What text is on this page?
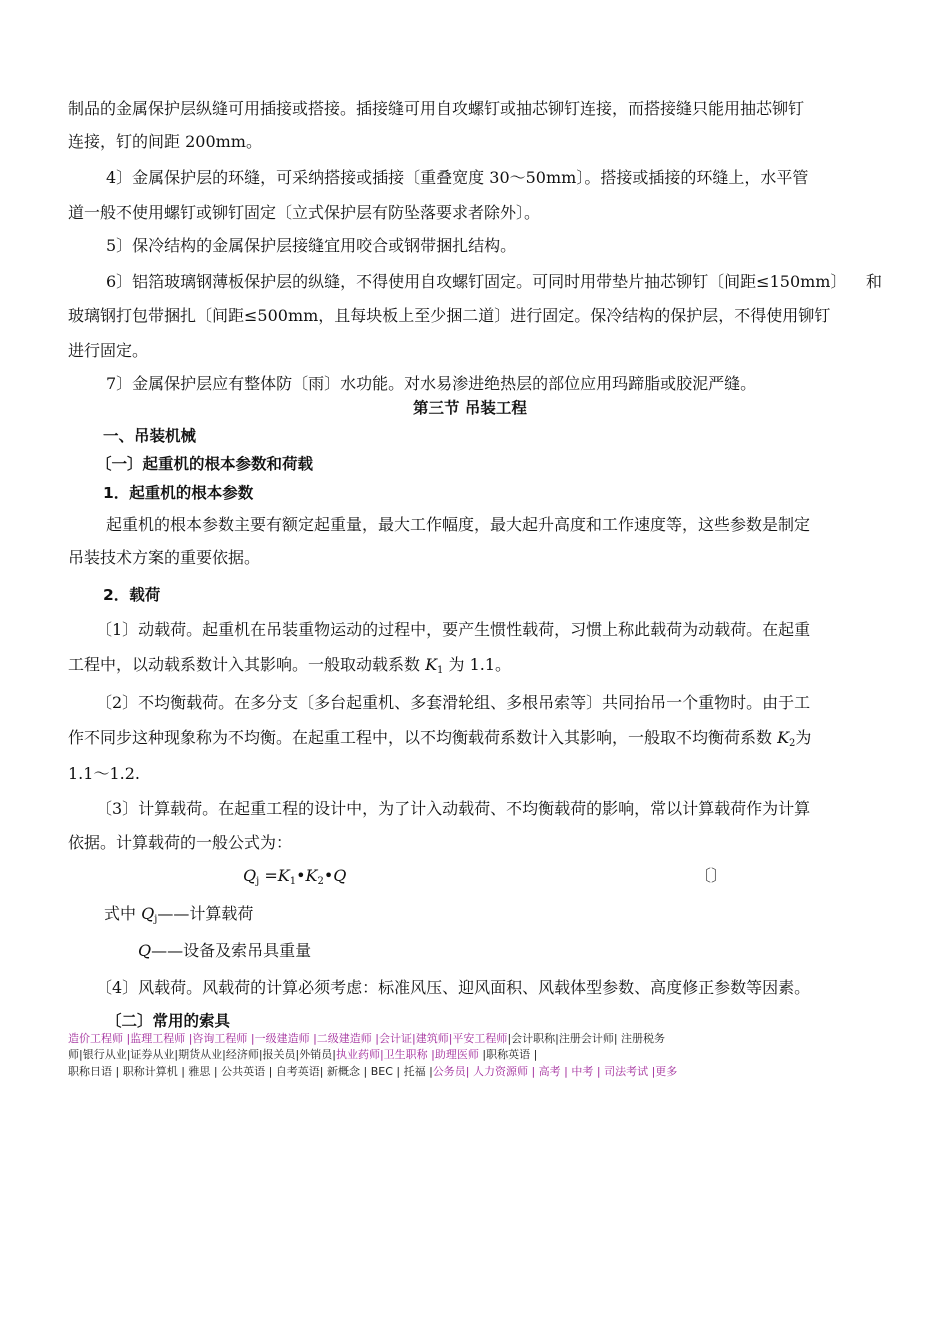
制品的金属保护层纵缝可用插接或搭接。插接缝可用自攻螺钉或抽芯铆钉连接，而搭接缝只能用抽芯铆钉
连接，钉的间距 200mm。
4〕金属保护层的环缝，可采纳搭接或插接〔重叠宽度 30～50mm〕。搭接或插接的环缝上，水平管
道一般不使用螺钉或铆钉固定〔立式保护层有防坠落要求者除外〕。
5〕保冷结构的金属保护层接缝宜用咬合或钢带捆扎结构。
6〕铝箔玻璃钢薄板保护层的纵缝，不得使用自攻螺钉固定。可同时用带垫片抽芯铆钉〔间距≤150mm〕 和
玻璃钢打包带捆扎〔间距≤500mm，且每块板上至少捆二道〕进行固定。保冷结构的保护层，不得使用铆钉
进行固定。
7〕金属保护层应有整体防〔雨〕水功能。对水易渗进绝热层的部位应用玛蹄脂或胶泥严缝。
第三节 吊装工程
一、吊装机械
〔一〕起重机的根本参数和荷载
1．起重机的根本参数
起重机的根本参数主要有额定起重量，最大工作幅度，最大起升高度和工作速度等，这些参数是制定
吊装技术方案的重要依据。
2．载荷
〔1〕动载荷。起重机在吊装重物运动的过程中，要产生惯性载荷，习惯上称此载荷为动载荷。在起重
工程中，以动载系数计入其影响。一般取动载系数 $K_1$ 为 1.1。
〔2〕不均衡载荷。在多分支〔多台起重机、多套滑轮组、多根吊索等〕共同抬吊一个重物时。由于工
作不同步这种现象称为不均衡。在起重工程中，以不均衡载荷系数计入其影响，一般取不均衡荷系数 $K_2$为
1.1～1.2.
〔3〕计算载荷。在起重工程的设计中，为了计入动载荷、不均衡载荷的影响，常以计算载荷作为计算
依据。计算载荷的一般公式为：
$Q_j$ $=K_1•K_2•Q$	〔〕
式中 $Q_j——$计算载荷
Q——设备及索吊具重量
〔4〕风载荷。风载荷的计算必须考虑：标准风压、迎风面积、风载体型参数、高度修正参数等因素。
〔二〕常用的索具
造价工程师 |监理工程师 |咨询工程师 |一级建造师 |二级建造师 |会计证|建筑师|平安工程师|会计职称|注册会计师| 注册税务
师|银行从业|证券从业|期货从业|经济师|报关员|外销员|执业药师|卫生职称 |助理医师 |职称英语 |
职称日语 | 职称计算机 | 雅思 | 公共英语 | 自考英语| 新概念 | BEC | 托福 |公务员| 人力资源师 | 高考 | 中考 | 司法考试 |更多
